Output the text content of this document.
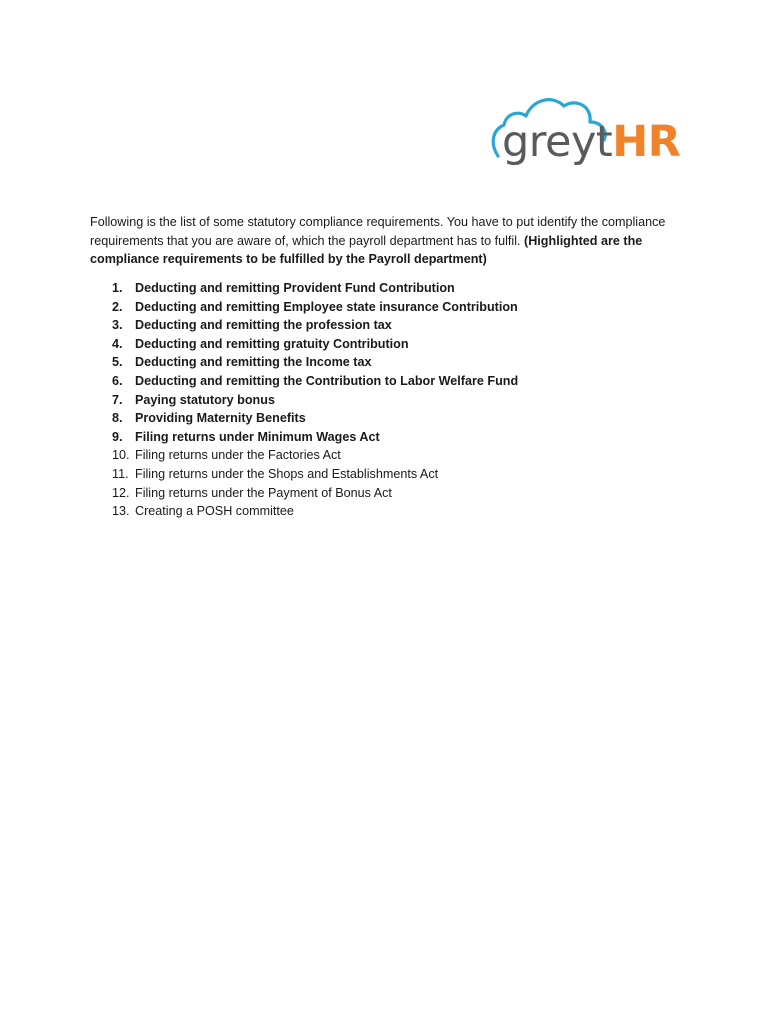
greytHR

Following is the list of some statutory compliance requirements. You have to put identify the compliance requirements that you are aware of, which the payroll department has to fulfil. (Highlighted are the compliance requirements to be fulfilled by the Payroll department)

1. Deducting and remitting Provident Fund Contribution
2. Deducting and remitting Employee state insurance Contribution
3. Deducting and remitting the profession tax
4. Deducting and remitting gratuity Contribution
5. Deducting and remitting the Income tax
6. Deducting and remitting the Contribution to Labor Welfare Fund
7. Paying statutory bonus
8. Providing Maternity Benefits
9. Filing returns under Minimum Wages Act
10. Filing returns under the Factories Act
11. Filing returns under the Shops and Establishments Act
12. Filing returns under the Payment of Bonus Act
13. Creating a POSH committee
